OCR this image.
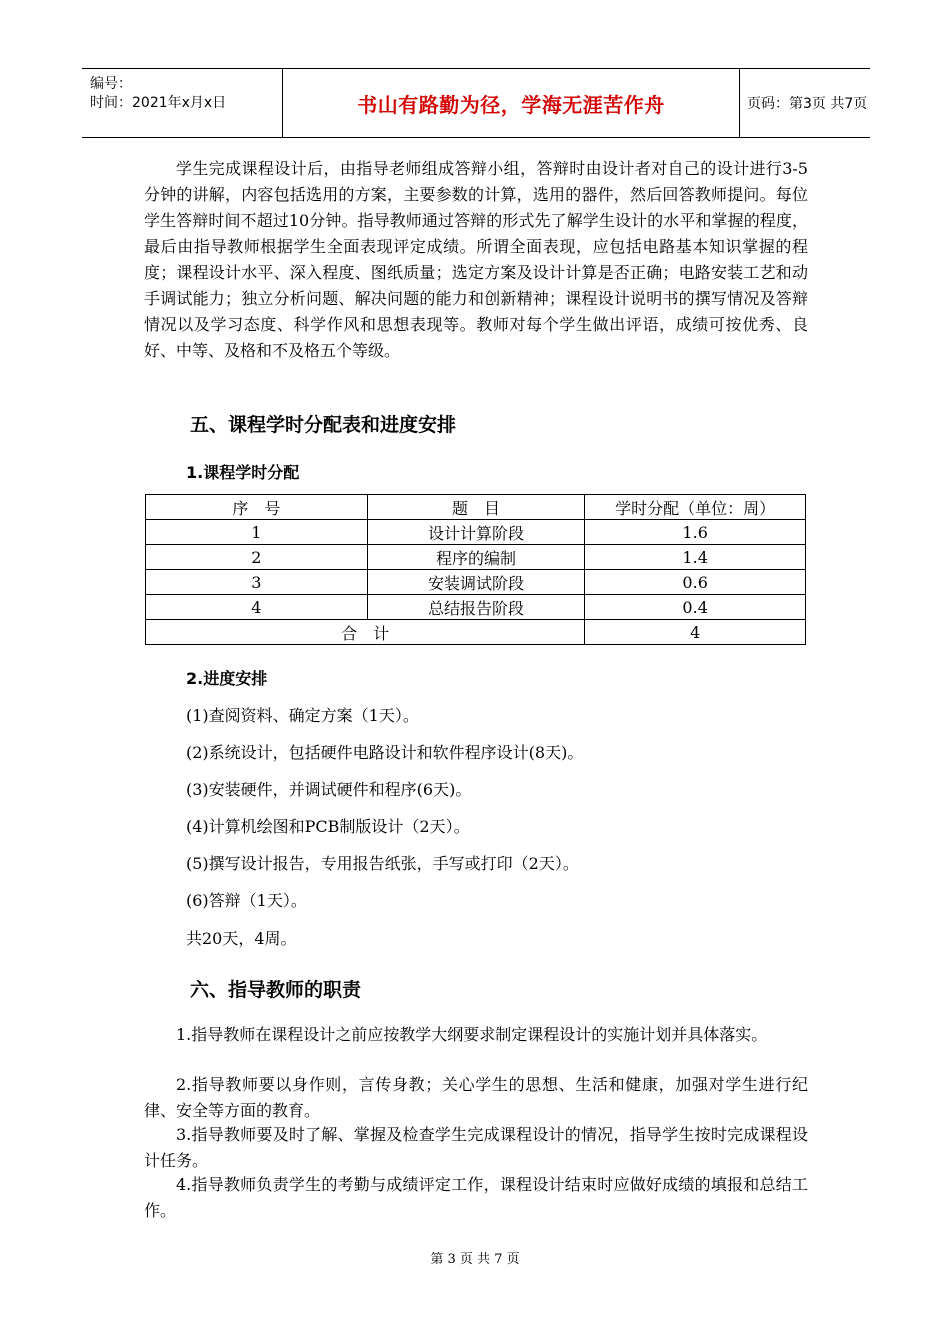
编号：
时间：2021年x月x日	书山有路勤为径，学海无涯苦作舟	页码：第3页 共7页
学生完成课程设计后，由指导老师组成答辩小组，答辩时由设计者对自己的设计进行3-5分钟的讲解，内容包括选用的方案，主要参数的计算，选用的器件，然后回答教师提问。每位学生答辩时间不超过10分钟。指导教师通过答辩的形式先了解学生设计的水平和掌握的程度，最后由指导教师根据学生全面表现评定成绩。所谓全面表现，应包括电路基本知识掌握的程度；课程设计水平、深入程度、图纸质量；选定方案及设计计算是否正确；电路安装工艺和动手调试能力；独立分析问题、解决问题的能力和创新精神；课程设计说明书的撰写情况及答辩情况以及学习态度、科学作风和思想表现等。教师对每个学生做出评语，成绩可按优秀、良好、中等、及格和不及格五个等级。
五、课程学时分配表和进度安排
1.课程学时分配
序　号	题　目	学时分配（单位：周）
1	设计计算阶段	1.6
2	程序的编制	1.4
3	安装调试阶段	0.6
4	总结报告阶段	0.4
合　计		4
2.进度安排
(1)查阅资料、确定方案（1天）。
(2)系统设计，包括硬件电路设计和软件程序设计(8天)。
(3)安装硬件，并调试硬件和程序(6天)。
(4)计算机绘图和PCB制版设计（2天）。
(5)撰写设计报告，专用报告纸张，手写或打印（2天）。
(6)答辩（1天）。
共20天，4周。
六、指导教师的职责
1.指导教师在课程设计之前应按教学大纲要求制定课程设计的实施计划并具体落实。
2.指导教师要以身作则，言传身教；关心学生的思想、生活和健康，加强对学生进行纪律、安全等方面的教育。
3.指导教师要及时了解、掌握及检查学生完成课程设计的情况，指导学生按时完成课程设计任务。
4.指导教师负责学生的考勤与成绩评定工作，课程设计结束时应做好成绩的填报和总结工作。
第 3 页 共 7 页
